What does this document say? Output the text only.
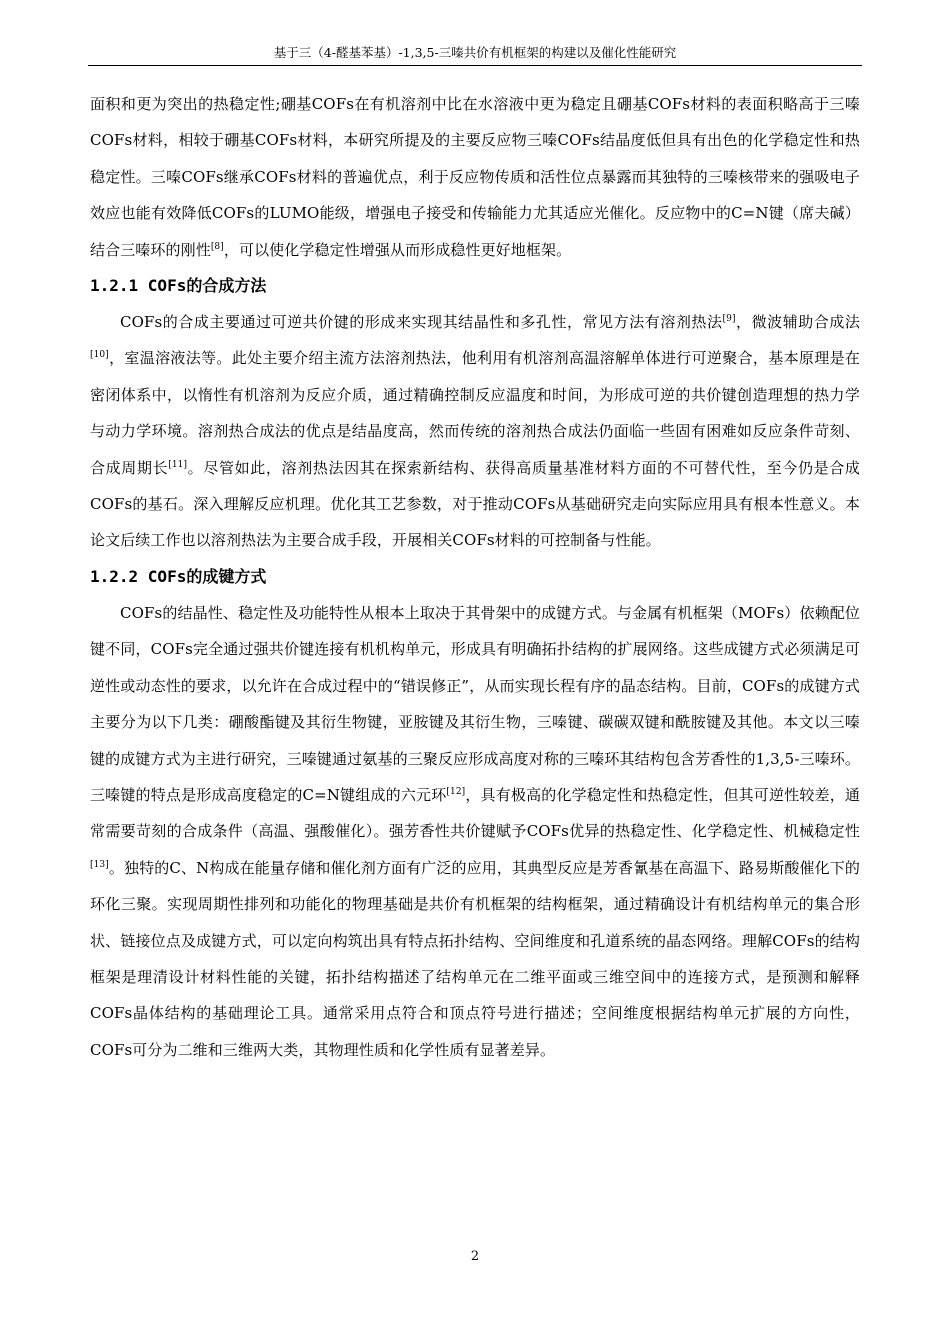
基于三（4-醛基苯基）-1,3,5-三嗪共价有机框架的构建以及催化性能研究

面积和更为突出的热稳定性;硼基COFs在有机溶剂中比在水溶液中更为稳定且硼基COFs材料的表面积略高于三嗪COFs材料，相较于硼基COFs材料，本研究所提及的主要反应物三嗪COFs结晶度低但具有出色的化学稳定性和热稳定性。三嗪COFs继承COFs材料的普遍优点，利于反应物传质和活性位点暴露而其独特的三嗪核带来的强吸电子效应也能有效降低COFs的LUMO能级，增强电子接受和传输能力尤其适应光催化。反应物中的C=N键（席夫碱）结合三嗪环的刚性[8]，可以使化学稳定性增强从而形成稳性更好地框架。

1.2.1 COFs的合成方法

COFs的合成主要通过可逆共价键的形成来实现其结晶性和多孔性，常见方法有溶剂热法[9]，微波辅助合成法[10]，室温溶液法等。此处主要介绍主流方法溶剂热法，他利用有机溶剂高温溶解单体进行可逆聚合，基本原理是在密闭体系中，以惰性有机溶剂为反应介质，通过精确控制反应温度和时间，为形成可逆的共价键创造理想的热力学与动力学环境。溶剂热合成法的优点是结晶度高，然而传统的溶剂热合成法仍面临一些固有困难如反应条件苛刻、合成周期长[11]。尽管如此，溶剂热法因其在探索新结构、获得高质量基准材料方面的不可替代性，至今仍是合成COFs的基石。深入理解反应机理。优化其工艺参数，对于推动COFs从基础研究走向实际应用具有根本性意义。本论文后续工作也以溶剂热法为主要合成手段，开展相关COFs材料的可控制备与性能。

1.2.2 COFs的成键方式

COFs的结晶性、稳定性及功能特性从根本上取决于其骨架中的成键方式。与金属有机框架（MOFs）依赖配位键不同，COFs完全通过强共价键连接有机机构单元，形成具有明确拓扑结构的扩展网络。这些成键方式必须满足可逆性或动态性的要求，以允许在合成过程中的“错误修正”，从而实现长程有序的晶态结构。目前，COFs的成键方式主要分为以下几类：硼酸酯键及其衍生物键，亚胺键及其衍生物，三嗪键、碳碳双键和酰胺键及其他。本文以三嗪键的成键方式为主进行研究，三嗪键通过氨基的三聚反应形成高度对称的三嗪环其结构包含芳香性的1,3,5-三嗪环。三嗪键的特点是形成高度稳定的C=N键组成的六元环[12]，具有极高的化学稳定性和热稳定性，但其可逆性较差，通常需要苛刻的合成条件（高温、强酸催化）。强芳香性共价键赋予COFs优异的热稳定性、化学稳定性、机械稳定性[13]。独特的C、N构成在能量存储和催化剂方面有广泛的应用，其典型反应是芳香氰基在高温下、路易斯酸催化下的环化三聚。实现周期性排列和功能化的物理基础是共价有机框架的结构框架，通过精确设计有机结构单元的集合形状、链接位点及成键方式，可以定向构筑出具有特点拓扑结构、空间维度和孔道系统的晶态网络。理解COFs的结构框架是理清设计材料性能的关键，拓扑结构描述了结构单元在二维平面或三维空间中的连接方式，是预测和解释COFs晶体结构的基础理论工具。通常采用点符合和顶点符号进行描述；空间维度根据结构单元扩展的方向性，COFs可分为二维和三维两大类，其物理性质和化学性质有显著差异。

2
